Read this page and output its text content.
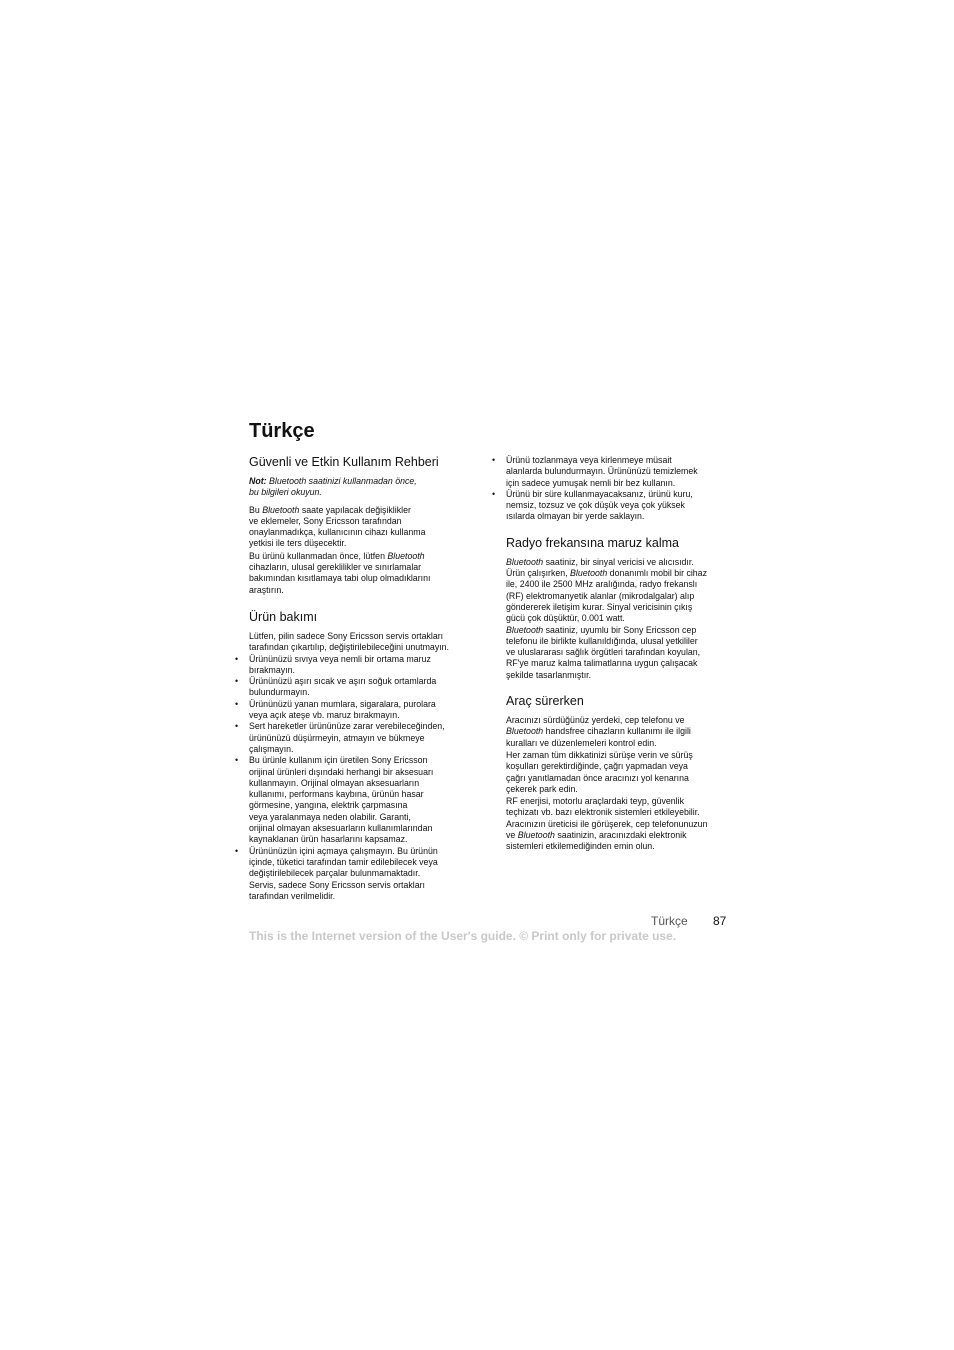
Türkçe
Güvenli ve Etkin Kullanım Rehberi

Not: Bluetooth saatinizi kullanmadan önce,
bu bilgileri okuyun.

Bu Bluetooth saate yapılacak değişiklikler
ve eklemeler, Sony Ericsson tarafından
onaylanmadıkça, kullanıcının cihazı kullanma
yetkisi ile ters düşecektir.

Bu ürünü kullanmadan önce, lütfen Bluetooth
cihazların, ulusal gereklilikler ve sınırlamalar
bakımından kısıtlamaya tabi olup olmadıklarını
araştırın.

Ürün bakımı

Lütfen, pilin sadece Sony Ericsson servis ortakları
tarafından çıkartılıp, değiştirilebileceğini unutmayın.

• Ürününüzü sıvıya veya nemli bir ortama maruz
bırakmayın.
• Ürününüzü aşırı sıcak ve aşırı soğuk ortamlarda
bulundurmayın.
• Ürününüzü yanan mumlara, sigaralara, purolara
veya açık ateşe vb. maruz bırakmayın.
• Sert hareketler ürününüze zarar verebileceğinden,
ürününüzü düşürmeyin, atmayın ve bükmeye
çalışmayın.
• Bu ürünle kullanım için üretilen Sony Ericsson
orijinal ürünleri dışındaki herhangi bir aksesuarı
kullanmayın. Orijinal olmayan aksesuarların
kullanımı, performans kaybına, ürünün hasar
görmesine, yangına, elektrik çarpmasına
veya yaralanmaya neden olabilir. Garanti,
orijinal olmayan aksesuarların kullanımlarından
kaynaklanan ürün hasarlarını kapsamaz.
• Ürününüzün içini açmaya çalışmayın. Bu ürünün
içinde, tüketici tarafından tamir edilebilecek veya
değiştirilebilecek parçalar bulunmamaktadır.
Servis, sadece Sony Ericsson servis ortakları
tarafından verilmelidir.
• Ürünü tozlanmaya veya kirlenmeye müsait
alanlarda bulundurmayın. Ürününüzü temizlemek
için sadece yumuşak nemli bir bez kullanın.
• Ürünü bir süre kullanmayacaksanız, ürünü kuru,
nemsiz, tozsuz ve çok düşük veya çok yüksek
ısılarda olmayan bir yerde saklayın.
Radyo frekansına maruz kalma

Bluetooth saatiniz, bir sinyal vericisi ve alıcısıdır.
Ürün çalışırken, Bluetooth donanımlı mobil bir cihaz
ile, 2400 ile 2500 MHz aralığında, radyo frekanslı
(RF) elektromanyetik alanlar (mikrodalgalar) alıp
göndererek iletişim kurar. Sinyal vericisinin çıkış
gücü çok düşüktür, 0.001 watt.

Bluetooth saatiniz, uyumlu bir Sony Ericsson cep
telefonu ile birlikte kullanıldığında, ulusal yetkililer
ve uluslararası sağlık örgütleri tarafından koyulan,
RF'ye maruz kalma talimatlarına uygun çalışacak
şekilde tasarlanmıştır.

Araç sürerken

Aracınızı sürdüğünüz yerdeki, cep telefonu ve
Bluetooth handsfree cihazların kullanımı ile ilgili
kuralları ve düzenlemeleri kontrol edin.

Her zaman tüm dikkatinizi sürüşe verin ve sürüş
koşulları gerektirdiğinde, çağrı yapmadan veya
çağrı yanıtlamadan önce aracınızı yol kenarına
çekerek park edin.

RF enerjisi, motorlu araçlardaki teyp, güvenlik
teçhizatı vb. bazı elektronik sistemleri etkileyebilir.
Aracınızın üreticisi ile görüşerek, cep telefonunuzun
ve Bluetooth saatinizin, aracınızdaki elektronik
sistemleri etkilemediğinden emin olun.

Türkçe 87
This is the Internet version of the User's guide. © Print only for private use.
